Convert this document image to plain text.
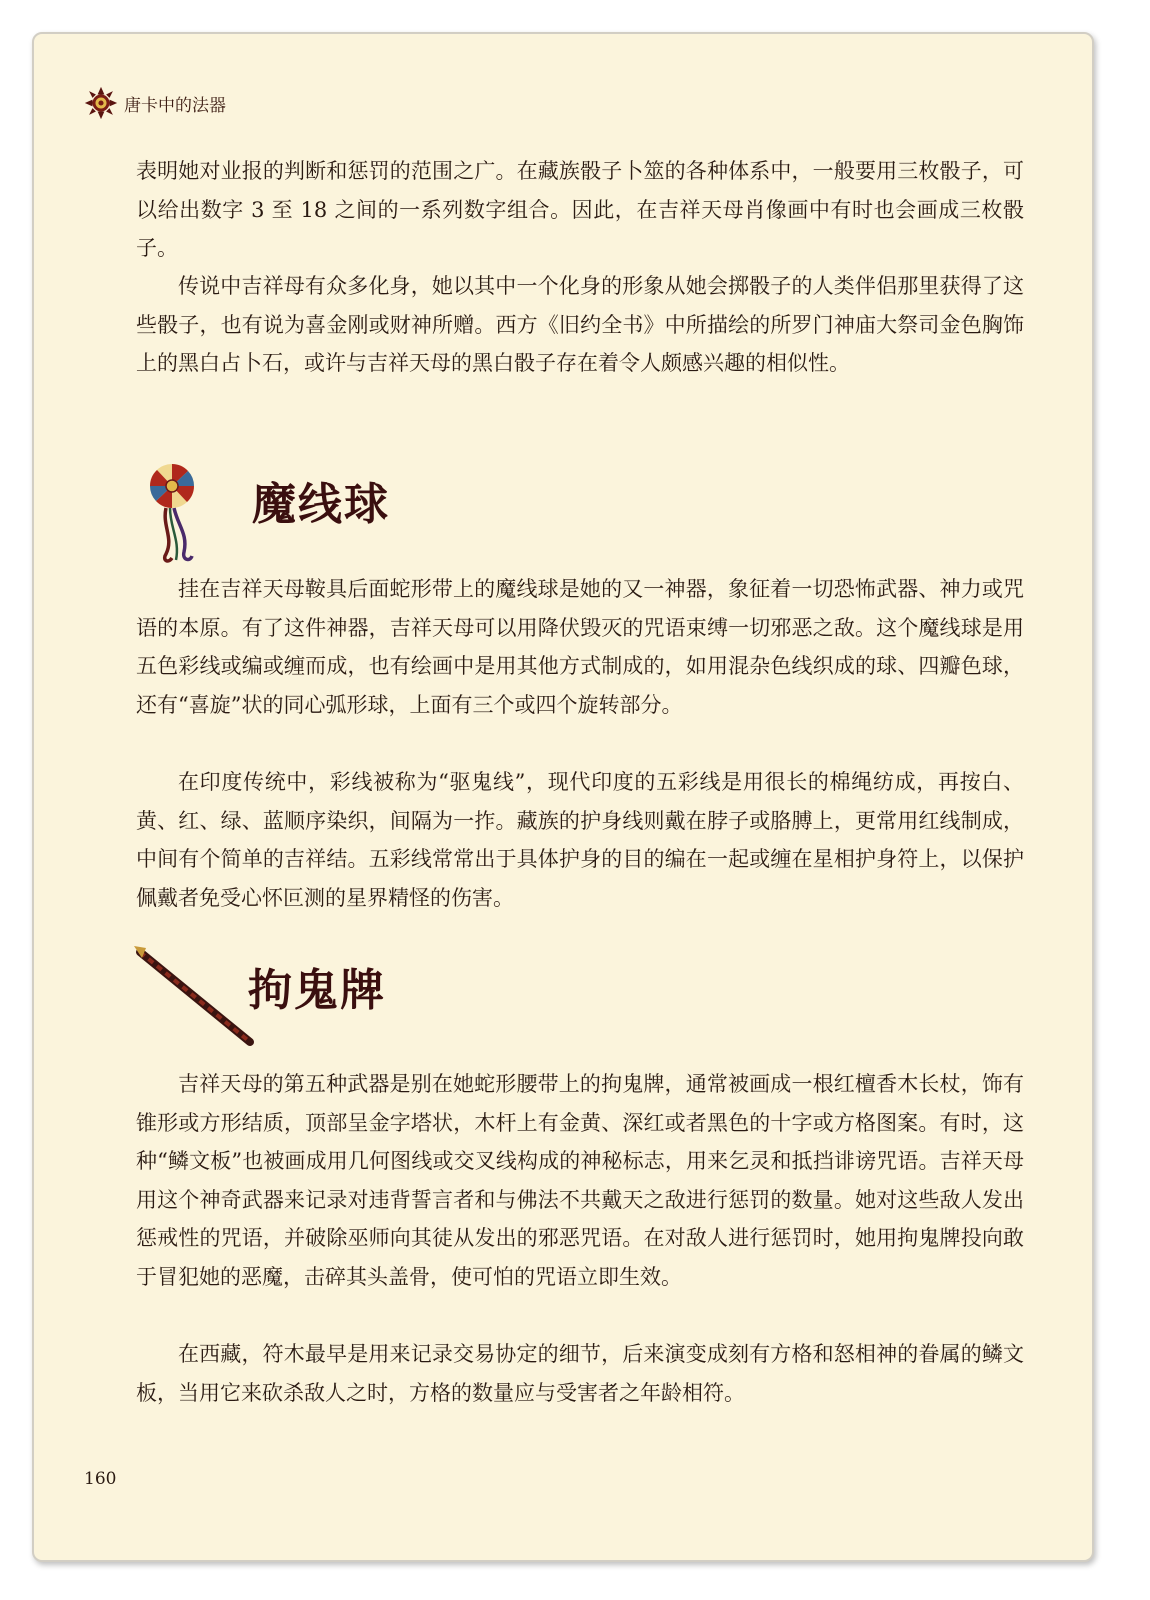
唐卡中的法器

表明她对业报的判断和惩罚的范围之广。在藏族骰子卜筮的各种体系中，一般要用三枚骰子，可以给出数字 3 至 18 之间的一系列数字组合。因此，在吉祥天母肖像画中有时也会画成三枚骰子。

传说中吉祥母有众多化身，她以其中一个化身的形象从她会掷骰子的人类伴侣那里获得了这些骰子，也有说为喜金刚或财神所赠。西方《旧约全书》中所描绘的所罗门神庙大祭司金色胸饰上的黑白占卜石，或许与吉祥天母的黑白骰子存在着令人颇感兴趣的相似性。

魔线球

挂在吉祥天母鞍具后面蛇形带上的魔线球是她的又一神器，象征着一切恐怖武器、神力或咒语的本原。有了这件神器，吉祥天母可以用降伏毁灭的咒语束缚一切邪恶之敌。这个魔线球是用五色彩线或编或缠而成，也有绘画中是用其他方式制成的，如用混杂色线织成的球、四瓣色球，还有“喜旋”状的同心弧形球，上面有三个或四个旋转部分。

在印度传统中，彩线被称为“驱鬼线”，现代印度的五彩线是用很长的棉绳纺成，再按白、黄、红、绿、蓝顺序染织，间隔为一拃。藏族的护身线则戴在脖子或胳膊上，更常用红线制成，中间有个简单的吉祥结。五彩线常常出于具体护身的目的编在一起或缠在星相护身符上，以保护佩戴者免受心怀叵测的星界精怪的伤害。

拘鬼牌

吉祥天母的第五种武器是别在她蛇形腰带上的拘鬼牌，通常被画成一根红檀香木长杖，饰有锥形或方形结质，顶部呈金字塔状，木杆上有金黄、深红或者黑色的十字或方格图案。有时，这种“鳞文板”也被画成用几何图线或交叉线构成的神秘标志，用来乞灵和抵挡诽谤咒语。吉祥天母用这个神奇武器来记录对违背誓言者和与佛法不共戴天之敌进行惩罚的数量。她对这些敌人发出惩戒性的咒语，并破除巫师向其徒从发出的邪恶咒语。在对敌人进行惩罚时，她用拘鬼牌投向敢于冒犯她的恶魔，击碎其头盖骨，使可怕的咒语立即生效。

在西藏，符木最早是用来记录交易协定的细节，后来演变成刻有方格和怒相神的眷属的鳞文板，当用它来砍杀敌人之时，方格的数量应与受害者之年龄相符。

160
